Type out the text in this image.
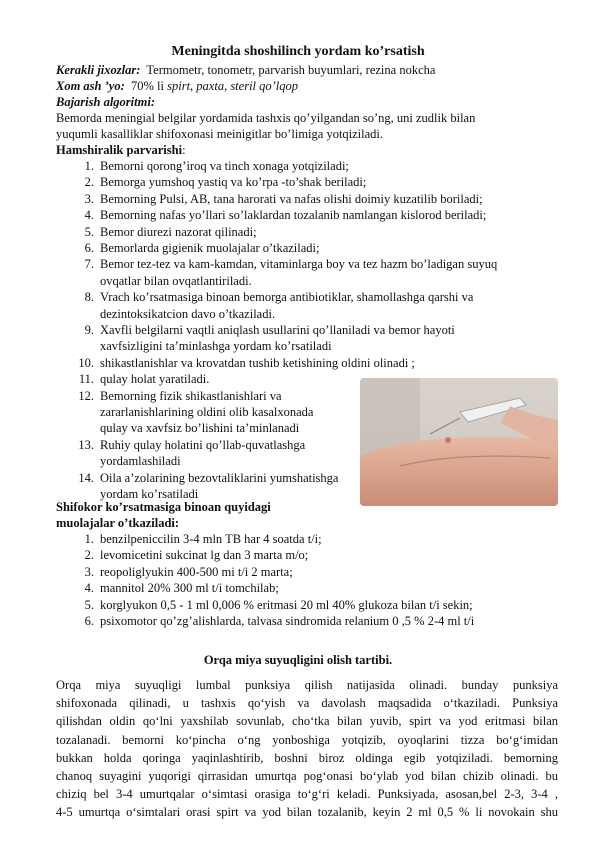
Meningitda shoshilinch yordam ko’rsatish
Kerakli jixozlar: Termometr, tonometr, parvarish buyumlari, rezina nokcha
Xom ash ’yo: 70% li spirt, paxta, steril qo’lqop
Bajarish algoritmi:
Bemorda meningial belgilar yordamida tashxis qo’yilgandan so’ng, uni zudlik bilan
yuqumli kasalliklar shifoxonasi meinigitlar bo’limiga yotqiziladi.
Hamshiralik parvarishi:
1. Bemorni qorong’iroq va tinch xonaga yotqiziladi;
2. Bemorga yumshoq yastiq va ko’rpa -to’shak beriladi;
3. Bemorning Pulsi, AB, tana harorati va nafas olishi doimiy kuzatilib boriladi;
4. Bemorning nafas yo’llari so’laklardan tozalanib namlangan kislorod beriladi;
5. Bemor diurezi nazorat qilinadi;
6. Bemorlarda gigienik muolajalar o’tkaziladi;
7. Bemor tez-tez va kam-kamdan, vitaminlarga boy va tez hazm bo’ladigan suyuq
ovqatlar bilan ovqatlantiriladi.
8. Vrach ko’rsatmasiga binoan bemorga antibiotiklar, shamollashga qarshi va
dezintoksikatcion davo o’tkaziladi.
9. Xavfli belgilarni vaqtli aniqlash usullarini qo’llaniladi va bemor hayoti
xavfsizligini ta’minlashga yordam ko’rsatiladi
10. shikastlanishlar va krovatdan tushib ketishining oldini olinadi ;
11. qulay holat yaratiladi.
12. Bemorning fizik shikastlanishlari va
zararlanishlarining oldini olib kasalxonada
qulay va xavfsiz bo’lishini ta’minlanadi
13. Ruhiy qulay holatini qo’llab-quvatlashga
yordamlashiladi
14. Oila a’zolarining bezovtaliklarini yumshatishga
yordam ko’rsatiladi
Shifokor ko’rsatmasiga binoan quyidagi
muolajalar o’tkaziladi:
1. benzilpeniccilin 3-4 mln TB har 4 soatda t/i;
2. levomicetini sukcinat lg dan 3 marta m/o;
3. reopoliglyukin 400-500 mi t/i 2 marta;
4. mannitol 20% 300 ml t/i tomchilab;
5. korglyukon 0,5 - 1 ml 0,006 % eritmasi 20 ml 40% glukoza bilan t/i sekin;
6. psixomotor qo’zg’alishlarda, talvasa sindromida relanium 0 ,5 % 2-4 ml t/i
Orqa miya suyuqligini olish tartibi.
Orqa miya suyuqligi lumbal punksiya qilish natijasida olinadi. bunday punksiya
shifoxonada qilinadi, u tashxis qo‘yish va davolash maqsadida o‘tkaziladi. Punksiya
qilishdan oldin qo‘lni yaxshilab sovunlab, cho‘tka bilan yuvib, spirt va yod eritmasi bilan
tozalanadi. bemorni ko‘pincha o‘ng yonboshiga yotqizib, oyoqlarini tizza bo‘g‘imidan
bukkan holda qoringa yaqinlashtirib, boshni biroz oldinga egib yotqiziladi. bemorning
chanoq suyagini yuqorigi qirrasidan umurtqa pog‘onasi bo‘ylab yod bilan chizib olinadi. bu
chiziq bel 3-4 umurtqalar o‘simtasi orasiga to‘g‘ri keladi. Punksiyada, asosan,bel 2-3, 3-4 ,
4-5 umurtqa o‘simtalari orasi spirt va yod bilan tozalanib, keyin 2 ml 0,5 % li novokain shu
